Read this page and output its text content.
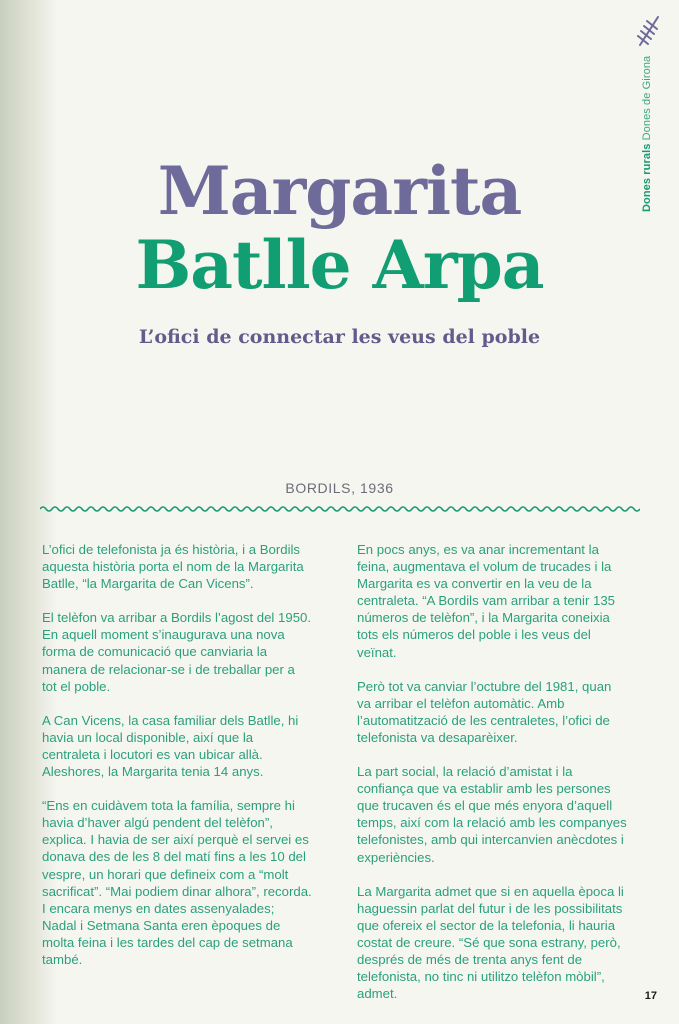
Dones rurals Dones de Girona
Margarita
Batlle Arpa
L’ofici de connectar les veus del poble
BORDILS, 1936

L’ofici de telefonista ja és història, i a Bordils aquesta història porta el nom de la Margarita Batlle, “la Margarita de Can Vicens”.

El telèfon va arribar a Bordils l’agost del 1950. En aquell moment s’inaugurava una nova forma de comunicació que canviaria la manera de relacionar-se i de treballar per a tot el poble.

A Can Vicens, la casa familiar dels Batlle, hi havia un local disponible, així que la centraleta i locutori es van ubicar allà. Aleshores, la Margarita tenia 14 anys.

“Ens en cuidàvem tota la família, sempre hi havia d’haver algú pendent del telèfon”, explica. I havia de ser així perquè el servei es donava des de les 8 del matí fins a les 10 del vespre, un horari que defineix com a “molt sacrificat”. “Mai podiem dinar alhora”, recorda. I encara menys en dates assenyalades; Nadal i Setmana Santa eren èpoques de molta feina i les tardes del cap de setmana també.

En pocs anys, es va anar incrementant la feina, augmentava el volum de trucades i la Margarita es va convertir en la veu de la centraleta. “A Bordils vam arribar a tenir 135 números de telèfon”, i la Margarita coneixia tots els números del poble i les veus del veïnat.

Però tot va canviar l’octubre del 1981, quan va arribar el telèfon automàtic. Amb l’automatització de les centraletes, l’ofici de telefonista va desaparèixer.

La part social, la relació d’amistat i la confiança que va establir amb les persones que trucaven és el que més enyora d’aquell temps, així com la relació amb les companyes telefonistes, amb qui intercanvien anècdotes i experiències.

La Margarita admet que si en aquella època li haguessin parlat del futur i de les possibilitats que ofereix el sector de la telefonia, li hauria costat de creure. “Sé que sona estrany, però, després de més de trenta anys fent de telefonista, no tinc ni utilitzo telèfon mòbil”, admet.	17
